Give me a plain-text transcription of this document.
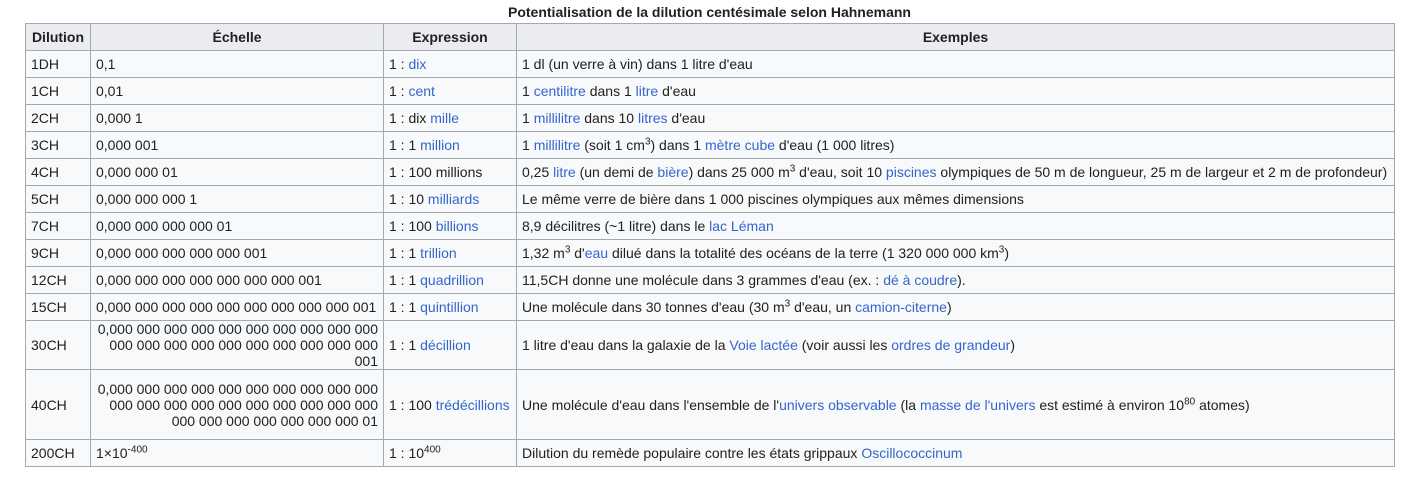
Potentialisation de la dilution centésimale selon Hahnemann
Dilution	Échelle	Expression	Exemples
1DH	0,1	1 : dix	1 dl (un verre à vin) dans 1 litre d'eau
1CH	0,01	1 : cent	1 centilitre dans 1 litre d'eau
2CH	0,000 1	1 : dix mille	1 millilitre dans 10 litres d'eau
3CH	0,000 001	1 : 1 million	1 millilitre (soit 1 $cm^3$) dans 1 mètre cube d'eau (1 000 litres)
4CH	0,000 000 01	1 : 100 millions	0,25 litre (un demi de bière) dans 25 000 $m^3$ d'eau, soit 10 piscines olympiques de 50 m de longueur, 25 m de largeur et 2 m de profondeur)
5CH	0,000 000 000 1	1 : 10 milliards	Le même verre de bière dans 1 000 piscines olympiques aux mêmes dimensions
7CH	0,000 000 000 000 01	1 : 100 billions	8,9 décilitres (~1 litre) dans le lac Léman
9CH	0,000 000 000 000 000 001	1 : 1 trillion	1,32 $m^3$ d'eau dilué dans la totalité des océans de la terre (1 320 000 000 $km^3$)
12CH	0,000 000 000 000 000 000 000 001	1 : 1 quadrillion	11,5CH donne une molécule dans 3 grammes d'eau (ex. : dé à coudre).
15CH	0,000 000 000 000 000 000 000 000 000 001	1 : 1 quintillion	Une molécule dans 30 tonnes d'eau (30 $m^3$ d'eau, un camion-citerne)
30CH	0,000 000 000 000 000 000 000 000 000 000 000 000 000 000 000 000 000 000 000 000 001	1 : 1 décillion	1 litre d'eau dans la galaxie de la Voie lactée (voir aussi les ordres de grandeur)
40CH	0,000 000 000 000 000 000 000 000 000 000 000 000 000 000 000 000 000 000 000 000 000 000 000 000 000 000 000 01	1 : 100 trédécillions	Une molécule d'eau dans l'ensemble de l'univers observable (la masse de l'univers est estimé à environ $10^{80}$ atomes)
200CH	$1\times 10^{-400}$	1 : $10^{400}$	Dilution du remède populaire contre les états grippaux Oscillococcinum
